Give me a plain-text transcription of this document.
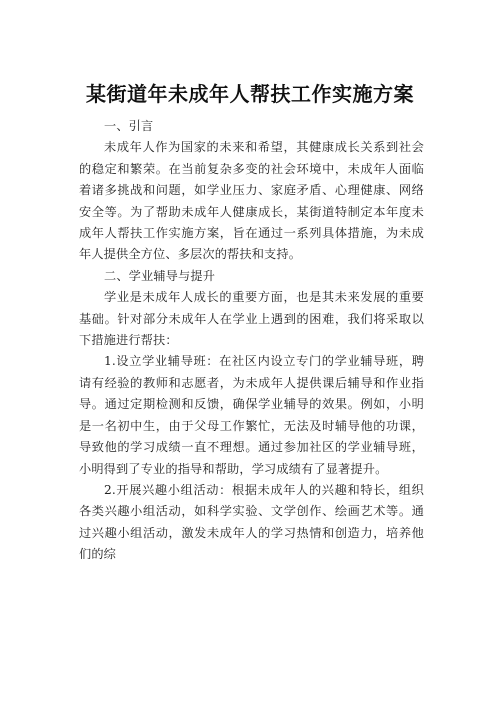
某街道年未成年人帮扶工作实施方案

一、引言

未成年人作为国家的未来和希望，其健康成长关系到社会的稳定和繁荣。在当前复杂多变的社会环境中，未成年人面临着诸多挑战和问题，如学业压力、家庭矛盾、心理健康、网络安全等。为了帮助未成年人健康成长，某街道特制定本年度未成年人帮扶工作实施方案，旨在通过一系列具体措施，为未成年人提供全方位、多层次的帮扶和支持。

二、学业辅导与提升

学业是未成年人成长的重要方面，也是其未来发展的重要基础。针对部分未成年人在学业上遇到的困难，我们将采取以下措施进行帮扶：

1.设立学业辅导班：在社区内设立专门的学业辅导班，聘请有经验的教师和志愿者，为未成年人提供课后辅导和作业指导。通过定期检测和反馈，确保学业辅导的效果。例如，小明是一名初中生，由于父母工作繁忙，无法及时辅导他的功课，导致他的学习成绩一直不理想。通过参加社区的学业辅导班，小明得到了专业的指导和帮助，学习成绩有了显著提升。

2.开展兴趣小组活动：根据未成年人的兴趣和特长，组织各类兴趣小组活动，如科学实验、文学创作、绘画艺术等。通过兴趣小组活动，激发未成年人的学习热情和创造力，培养他们的综
